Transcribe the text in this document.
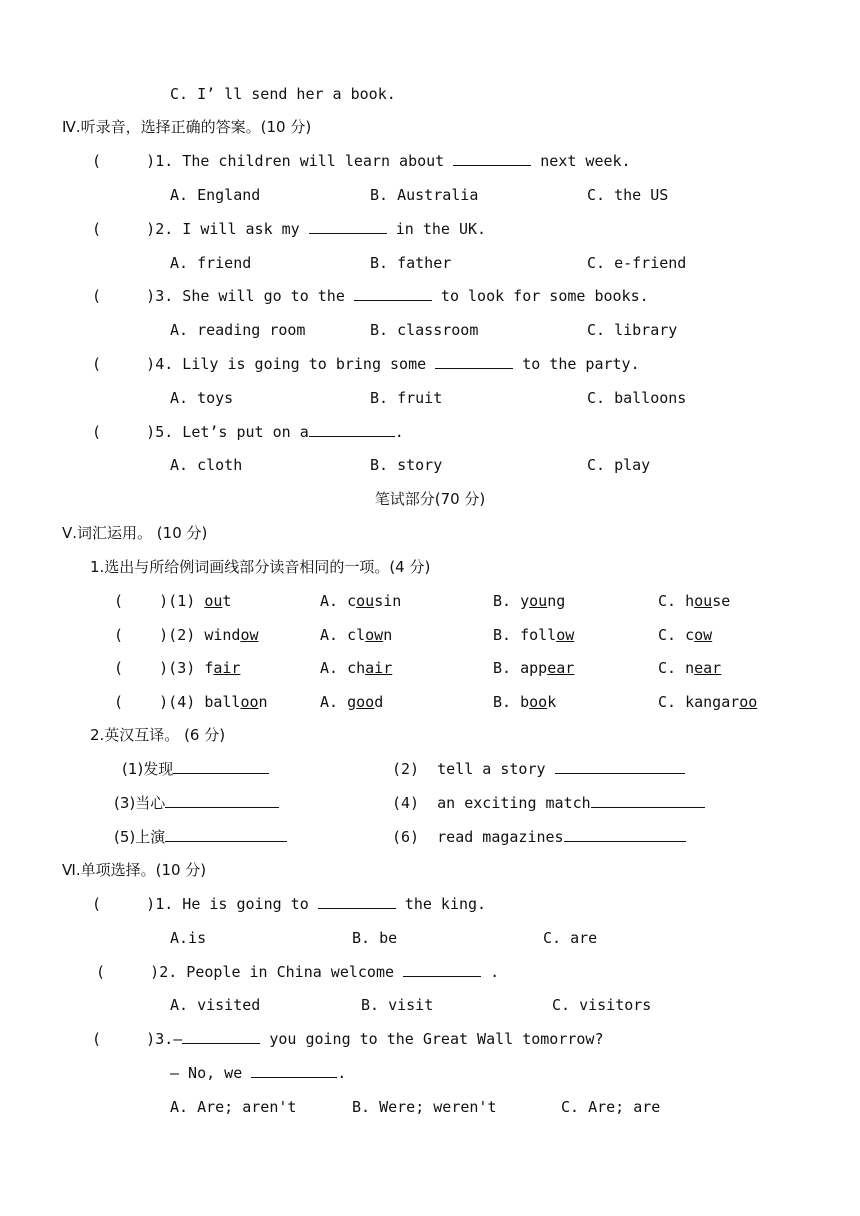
C. I’ ll send her a book.
Ⅳ.听录音，选择正确的答案。(10 分)
(     )1. The children will learn about	next week.
A. England	B. Australia	C. the US
(     )2. I will ask my	in the UK.
A. friend	B. father	C. e-friend
(     )3. She will go to the	to look for some books.
A. reading room	B. classroom	C. library
(     )4. Lily is going to bring some	to the party.
A. toys	B. fruit	C. balloons
(     )5. Let’s put on a	.
A. cloth	B. story	C. play
笔试部分(70 分)
Ⅴ.词汇运用。 (10 分)
1.选出与所给例词画线部分读音相同的一项。(4 分)
(    )(1) out	A. cousin	B. young	C. house
(    )(2) window	A. clown	B. follow	C. cow
(    )(3) fair	A. chair	B. appear	C. near
(    )(4) balloon	A. good	B. book	C. kangaroo
2.英汉互译。 (6 分)
(1)发现	(2)  tell a story
(3)当心	(4)  an exciting match
(5)上演	(6)  read magazines
Ⅵ.单项选择。(10 分)
(     )1. He is going to	the king.
A.is	B. be	C. are
(     )2. People in China welcome	.
A. visited	B. visit	C. visitors
(     )3.—	you going to the Great Wall tomorrow?
— No, we	.
A. Are; aren't	B. Were; weren't	C. Are; are
